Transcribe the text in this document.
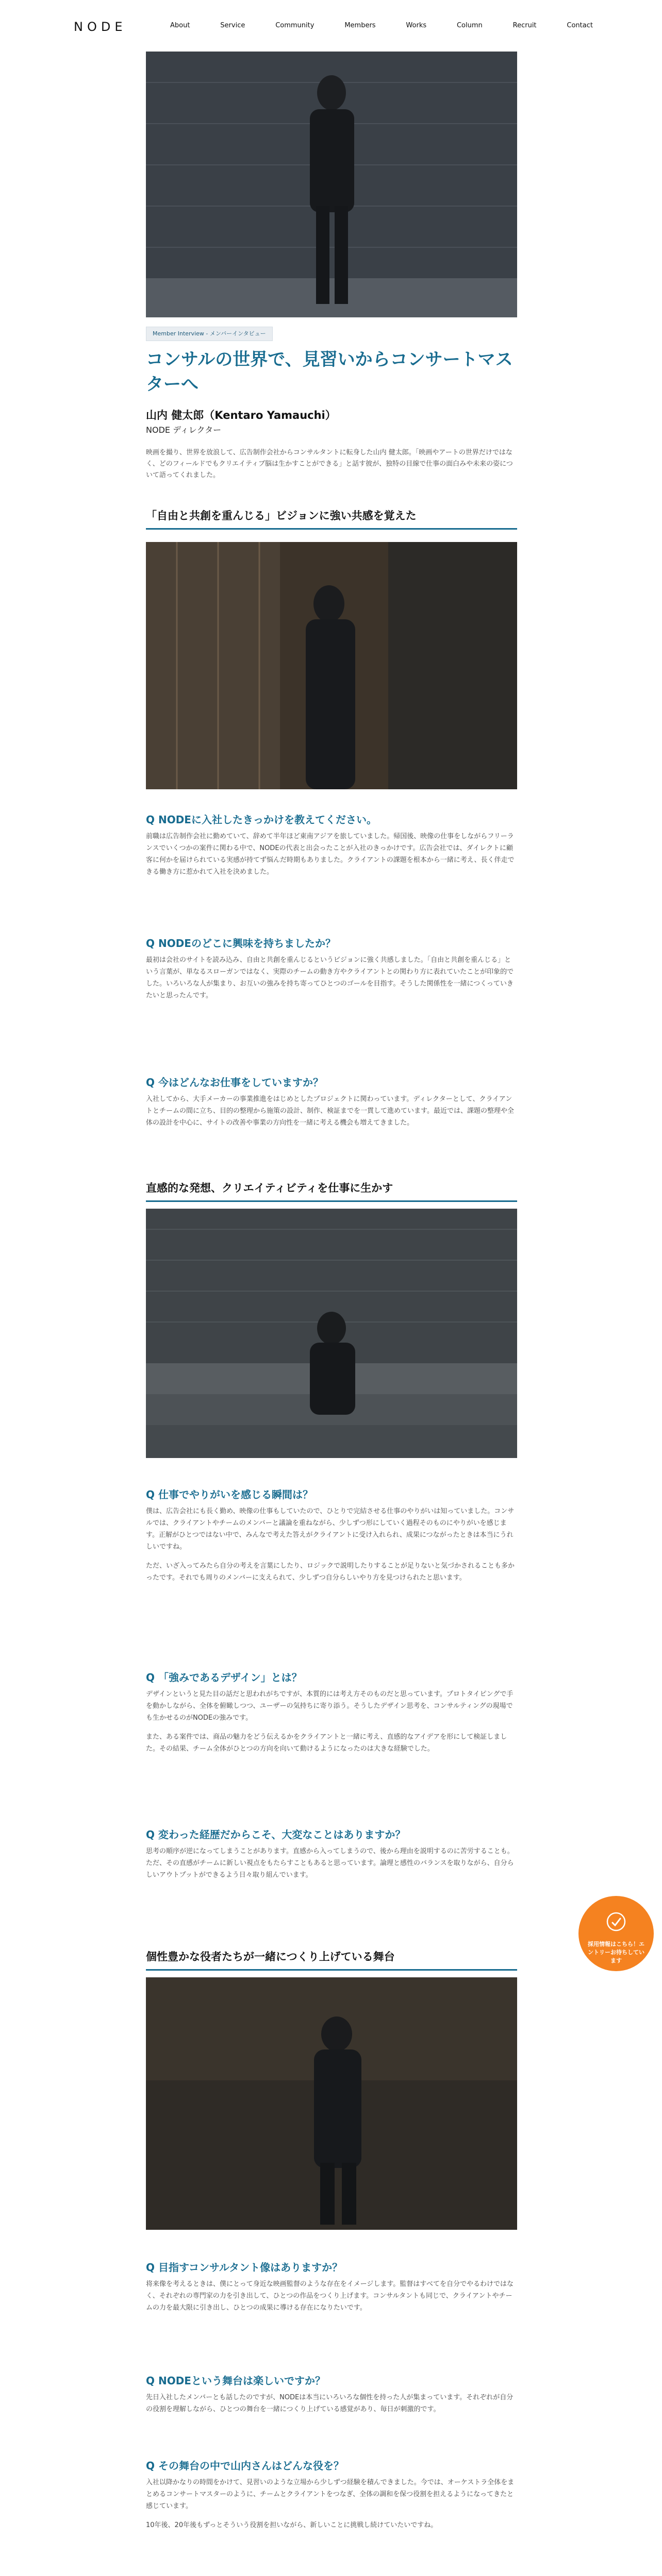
NODE	About	Service	Community	Members	Works	Column	Recruit	Contact
Member Interview - メンバーインタビュー
コンサルの世界で、見習いからコンサートマスターへ
山内 健太郎（Kentaro Yamauchi）
NODE ディレクター

映画を撮り、世界を放浪して、広告制作会社からコンサルタントに転身した山内 健太郎。「映画やアートの世界だけではなく、どのフィールドでもクリエイティブ脳は生かすことができる」と話す彼が、独特の目線で仕事の面白みや未来の姿について語ってくれました。

「自由と共創を重んじる」ビジョンに強い共感を覚えた
Q NODEに入社したきっかけを教えてください。

前職は広告制作会社に勤めていて、辞めて半年ほど東南アジアを旅していました。帰国後、映像の仕事をしながらフリーランスでいくつかの案件に関わる中で、NODEの代表と出会ったことが入社のきっかけです。広告会社では、ダイレクトに顧客に何かを届けられている実感が持てず悩んだ時期もありました。クライアントの課題を根本から一緒に考え、長く伴走できる働き方に惹かれて入社を決めました。

Q NODEのどこに興味を持ちましたか？

最初は会社のサイトを読み込み、自由と共創を重んじるというビジョンに強く共感しました。「自由と共創を重んじる」という言葉が、単なるスローガンではなく、実際のチームの動き方やクライアントとの関わり方に表れていたことが印象的でした。いろいろな人が集まり、お互いの強みを持ち寄ってひとつのゴールを目指す。そうした関係性を一緒につくっていきたいと思ったんです。

Q 今はどんなお仕事をしていますか？

入社してから、大手メーカーの事業推進をはじめとしたプロジェクトに関わっています。ディレクターとして、クライアントとチームの間に立ち、目的の整理から施策の設計、制作、検証までを一貫して進めています。最近では、課題の整理や全体の設計を中心に、サイトの改善や事業の方向性を一緒に考える機会も増えてきました。

直感的な発想、クリエイティビティを仕事に生かす
Q 仕事でやりがいを感じる瞬間は？

僕は、広告会社にも長く勤め、映像の仕事もしていたので、ひとりで完結させる仕事のやりがいは知っていました。コンサルでは、クライアントやチームのメンバーと議論を重ねながら、少しずつ形にしていく過程そのものにやりがいを感じます。正解がひとつではない中で、みんなで考えた答えがクライアントに受け入れられ、成果につながったときは本当にうれしいですね。

ただ、いざ入ってみたら自分の考えを言葉にしたり、ロジックで説明したりすることが足りないと気づかされることも多かったです。それでも周りのメンバーに支えられて、少しずつ自分らしいやり方を見つけられたと思います。

Q 「強みであるデザイン」とは？

デザインというと見た目の話だと思われがちですが、本質的には考え方そのものだと思っています。プロトタイピングで手を動かしながら、全体を俯瞰しつつ、ユーザーの気持ちに寄り添う。そうしたデザイン思考を、コンサルティングの現場でも生かせるのがNODEの強みです。

また、ある案件では、商品の魅力をどう伝えるかをクライアントと一緒に考え、直感的なアイデアを形にして検証しました。その結果、チーム全体がひとつの方向を向いて動けるようになったのは大きな経験でした。

Q 変わった経歴だからこそ、大変なことはありますか？

思考の順序が逆になってしまうことがあります。直感から入ってしまうので、後から理由を説明するのに苦労することも。ただ、その直感がチームに新しい視点をもたらすこともあると思っています。論理と感性のバランスを取りながら、自分らしいアウトプットができるよう日々取り組んでいます。

個性豊かな役者たちが一緒につくり上げている舞台
Q 目指すコンサルタント像はありますか？

将来像を考えるときは、僕にとって身近な映画監督のような存在をイメージします。監督はすべてを自分でやるわけではなく、それぞれの専門家の力を引き出して、ひとつの作品をつくり上げます。コンサルタントも同じで、クライアントやチームの力を最大限に引き出し、ひとつの成果に導ける存在になりたいです。

Q NODEという舞台は楽しいですか？

先日入社したメンバーとも話したのですが、NODEは本当にいろいろな個性を持った人が集まっています。それぞれが自分の役割を理解しながら、ひとつの舞台を一緒につくり上げている感覚があり、毎日が刺激的です。

Q その舞台の中で山内さんはどんな役を？

入社以降かなりの時間をかけて、見習いのような立場から少しずつ経験を積んできました。今では、オーケストラ全体をまとめるコンサートマスターのように、チームとクライアントをつなぎ、全体の調和を保つ役割を担えるようになってきたと感じています。

10年後、20年後もずっとそういう役割を担いながら、新しいことに挑戦し続けていたいですね。

採用情報はこちら！エントリーお待ちしています
